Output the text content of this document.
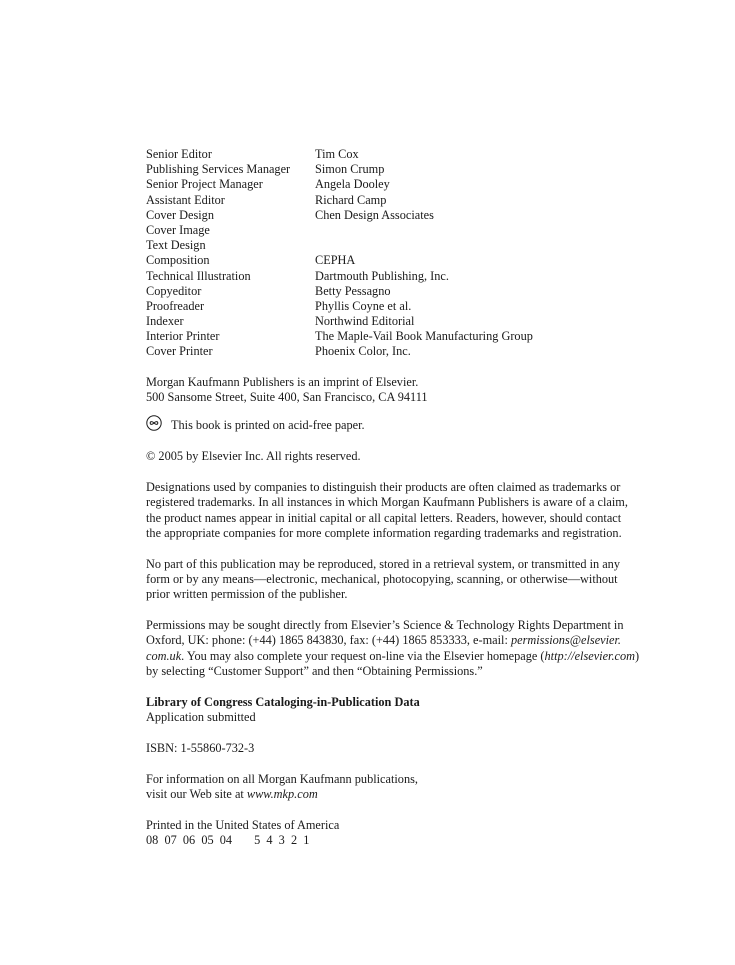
Senior Editor	Tim Cox
Publishing Services Manager	Simon Crump
Senior Project Manager	Angela Dooley
Assistant Editor	Richard Camp
Cover Design	Chen Design Associates
Cover Image
Text Design
Composition	CEPHA
Technical Illustration	Dartmouth Publishing, Inc.
Copyeditor	Betty Pessagno
Proofreader	Phyllis Coyne et al.
Indexer	Northwind Editorial
Interior Printer	The Maple-Vail Book Manufacturing Group
Cover Printer	Phoenix Color, Inc.
Morgan Kaufmann Publishers is an imprint of Elsevier.
500 Sansome Street, Suite 400, San Francisco, CA 94111
This book is printed on acid-free paper.
© 2005 by Elsevier Inc. All rights reserved.
Designations used by companies to distinguish their products are often claimed as trademarks or
registered trademarks. In all instances in which Morgan Kaufmann Publishers is aware of a claim,
the product names appear in initial capital or all capital letters. Readers, however, should contact
the appropriate companies for more complete information regarding trademarks and registration.
No part of this publication may be reproduced, stored in a retrieval system, or transmitted in any
form or by any means—electronic, mechanical, photocopying, scanning, or otherwise—without
prior written permission of the publisher.
Permissions may be sought directly from Elsevier’s Science & Technology Rights Department in
Oxford, UK: phone: (+44) 1865 843830, fax: (+44) 1865 853333, e-mail: permissions@elsevier.
com.uk. You may also complete your request on-line via the Elsevier homepage (http://elsevier.com)
by selecting “Customer Support” and then “Obtaining Permissions.”
Library of Congress Cataloging-in-Publication Data
Application submitted
ISBN: 1-55860-732-3
For information on all Morgan Kaufmann publications,
visit our Web site at www.mkp.com
Printed in the United States of America
08  07  06  05  04 5  4  3  2  1
